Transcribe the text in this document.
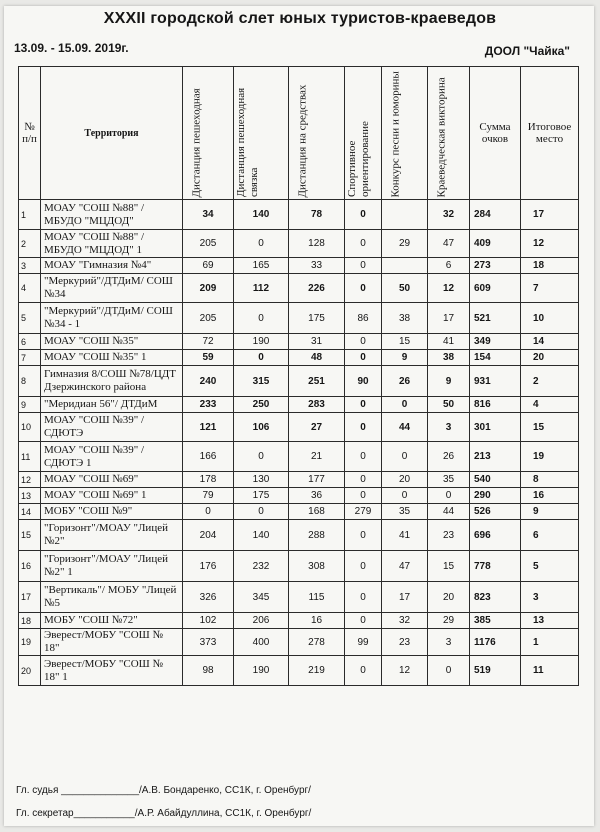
XXXII городской слет юных туристов-краеведов
13.09. - 15.09. 2019г.	ДООЛ "Чайка"
№ п/п	Территория	Дистанция пешеходная	Дистанция пешеходная связка	Дистанция на средствах	Спортивное ориентирование	Конкурс песни и юморины	Краеведческая викторина	Сумма очков	Итоговое место
1	МОАУ "СОШ №88" /МБУДО "МЦДОД"	34	140	78	0		32	284	17
2	МОАУ "СОШ №88" /МБУДО "МЦДОД" 1	205	0	128	0	29	47	409	12
3	МОАУ "Гимназия №4"	69	165	33	0		6	273	18
4	"Меркурий"/ДТДиМ/ СОШ №34	209	112	226	0	50	12	609	7
5	"Меркурий"/ДТДиМ/ СОШ №34 - 1	205	0	175	86	38	17	521	10
6	МОАУ "СОШ №35"	72	190	31	0	15	41	349	14
7	МОАУ "СОШ №35" 1	59	0	48	0	9	38	154	20
8	Гимназия 8/СОШ №78/ЦДТ Дзержинского района	240	315	251	90	26	9	931	2
9	"Меридиан 56"/ ДТДиМ	233	250	283	0	0	50	816	4
10	МОАУ "СОШ №39" /СДЮТЭ	121	106	27	0	44	3	301	15
11	МОАУ "СОШ №39" /СДЮТЭ 1	166	0	21	0	0	26	213	19
12	МОАУ "СОШ №69"	178	130	177	0	20	35	540	8
13	МОАУ "СОШ №69" 1	79	175	36	0	0	0	290	16
14	МОБУ "СОШ №9"	0	0	168	279	35	44	526	9
15	"Горизонт"/МОАУ "Лицей №2"	204	140	288	0	41	23	696	6
16	"Горизонт"/МОАУ "Лицей №2" 1	176	232	308	0	47	15	778	5
17	"Вертикаль"/ МОБУ "Лицей №5	326	345	115	0	17	20	823	3
18	МОБУ "СОШ №72"	102	206	16	0	32	29	385	13
19	Эверест/МОБУ "СОШ № 18"	373	400	278	99	23	3	1176	1
20	Эверест/МОБУ "СОШ № 18" 1	98	190	219	0	12	0	519	11
Гл. судья ______________/А.В. Бондаренко, СС1К, г. Оренбург/
Гл. секретар___________/А.Р. Абайдуллина, СС1К, г. Оренбург/
